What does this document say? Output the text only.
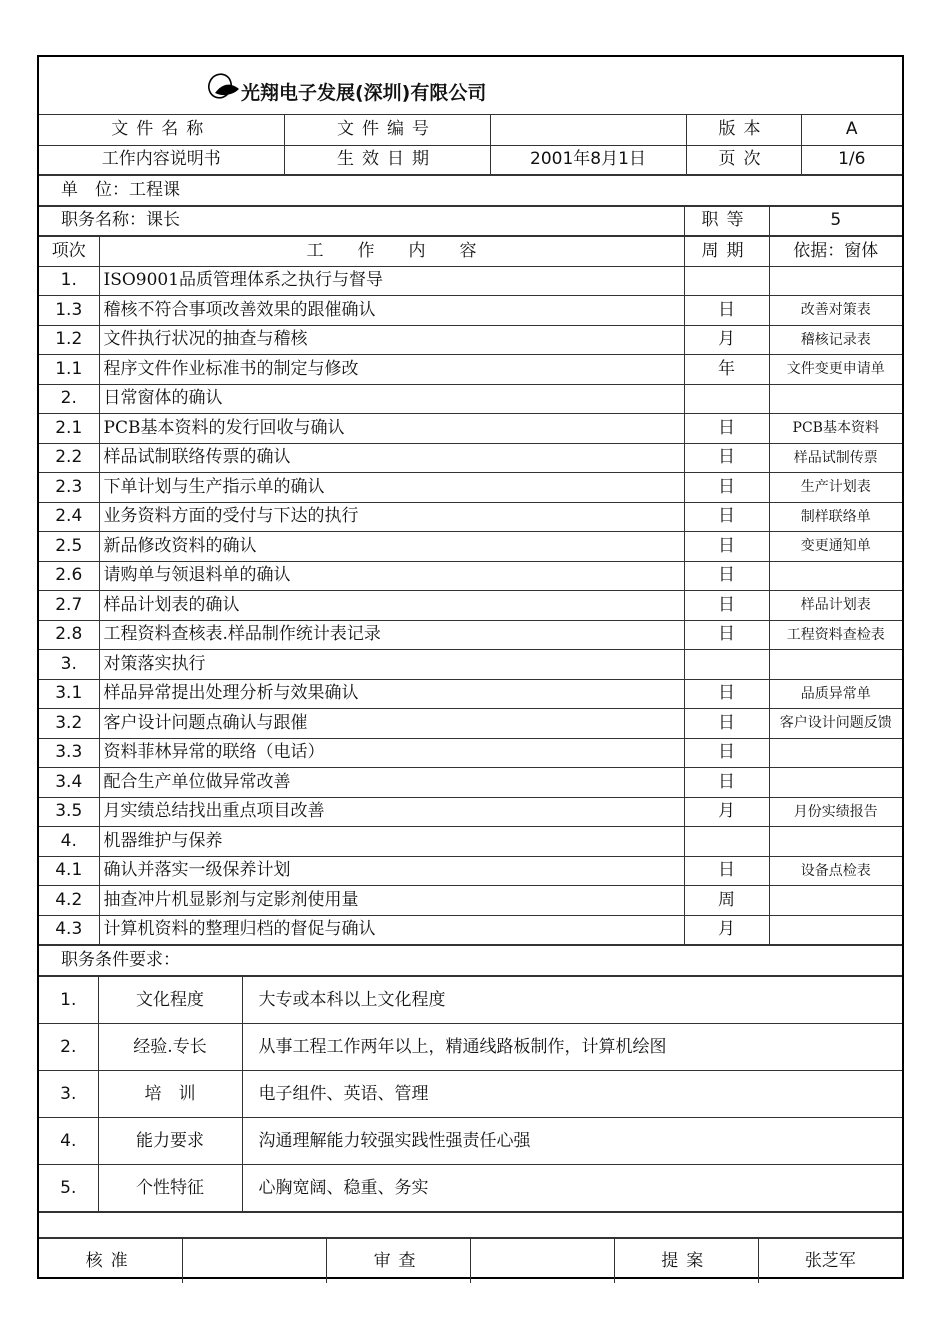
光翔电子发展(深圳)有限公司
文件名称	文件编号		版本	A
工作内容说明书	生效日期	2001年8月1日	页次	1/6
单　位：工程课
职务名称：课长	职等	5
项次	工　　作　　内　　容	周期	依据：窗体
1.	ISO9001品质管理体系之执行与督导		
1.3	稽核不符合事项改善效果的跟催确认	日	改善对策表
1.2	文件执行状况的抽查与稽核	月	稽核记录表
1.1	程序文件作业标准书的制定与修改	年	文件变更申请单
2.	日常窗体的确认		
2.1	PCB基本资料的发行回收与确认	日	PCB基本资料
2.2	样品试制联络传票的确认	日	样品试制传票
2.3	下单计划与生产指示单的确认	日	生产计划表
2.4	业务资料方面的受付与下达的执行	日	制样联络单
2.5	新品修改资料的确认	日	变更通知单
2.6	请购单与领退料单的确认	日	
2.7	样品计划表的确认	日	样品计划表
2.8	工程资料查核表.样品制作统计表记录	日	工程资料查检表
3.	对策落实执行		
3.1	样品异常提出处理分析与效果确认	日	品质异常单
3.2	客户设计问题点确认与跟催	日	客户设计问题反馈
3.3	资料菲林异常的联络（电话）	日	
3.4	配合生产单位做异常改善	日	
3.5	月实绩总结找出重点项目改善	月	月份实绩报告
4.	机器维护与保养		
4.1	确认并落实一级保养计划	日	设备点检表
4.2	抽查冲片机显影剂与定影剂使用量	周	
4.3	计算机资料的整理归档的督促与确认	月	
职务条件要求：
1.	文化程度	大专或本科以上文化程度
2.	经验.专长	从事工程工作两年以上，精通线路板制作，计算机绘图
3.	培　训	电子组件、英语、管理
4.	能力要求	沟通理解能力较强实践性强责任心强
5.	个性特征	心胸宽阔、稳重、务实
核准		审查		提案	张芝军
